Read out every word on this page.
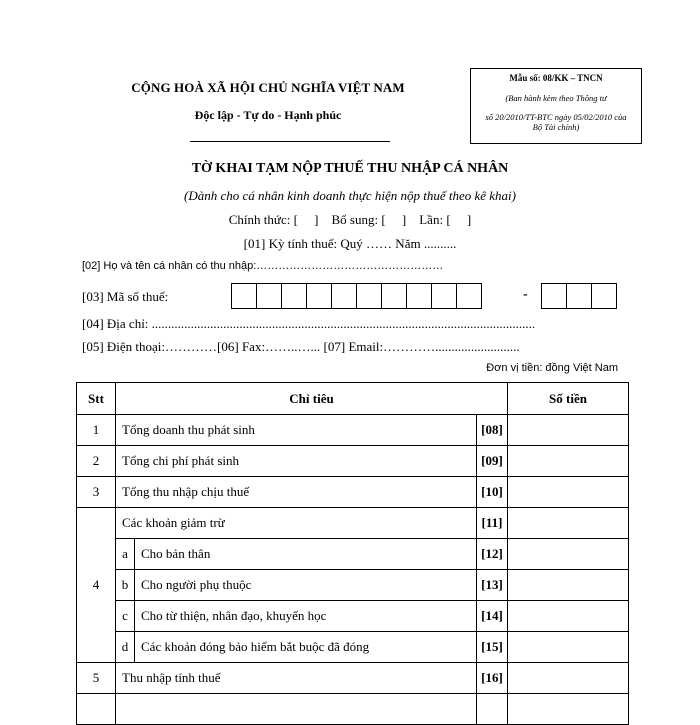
CỘNG HOÀ XÃ HỘI CHỦ NGHĨA VIỆT NAM
Độc lập - Tự do - Hạnh phúc
Mẫu số: 08/KK – TNCN
(Ban hành kèm theo Thông tư
số 20/2010/TT-BTC ngày 05/02/2010 của
Bộ Tài chính)
TỜ KHAI TẠM NỘP THUẾ THU NHẬP CÁ NHÂN
(Dành cho cá nhân kinh doanh thực hiện nộp thuế theo kê khai)
Chính thức: [     ]    Bổ sung: [     ]    Lần: [     ]
[01] Kỳ tính thuế: Quý …… Năm ..........
[02] Họ và tên cá nhân có thu nhập:……………………………………………
[03] Mã số thuế:	-
[04] Địa chỉ: ......................................................................................................................
[05] Điện thoại:…………[06] Fax:……..…... [07] Email:…………..........................
Đơn vị tiền: đồng Việt Nam
Stt	Chỉ tiêu			Số tiền
1	Tổng doanh thu phát sinh		[08]	
2	Tổng chi phí phát sinh		[09]	
3	Tổng thu nhập chịu thuế		[10]	
4	Các khoản giảm trừ		[11]	
	a	Cho bản thân	[12]	
	b	Cho người phụ thuộc	[13]	
	c	Cho từ thiện, nhân đạo, khuyến học	[14]	
	d	Các khoản đóng bảo hiểm bắt buộc đã đóng	[15]	
5	Thu nhập tính thuế		[16]	
